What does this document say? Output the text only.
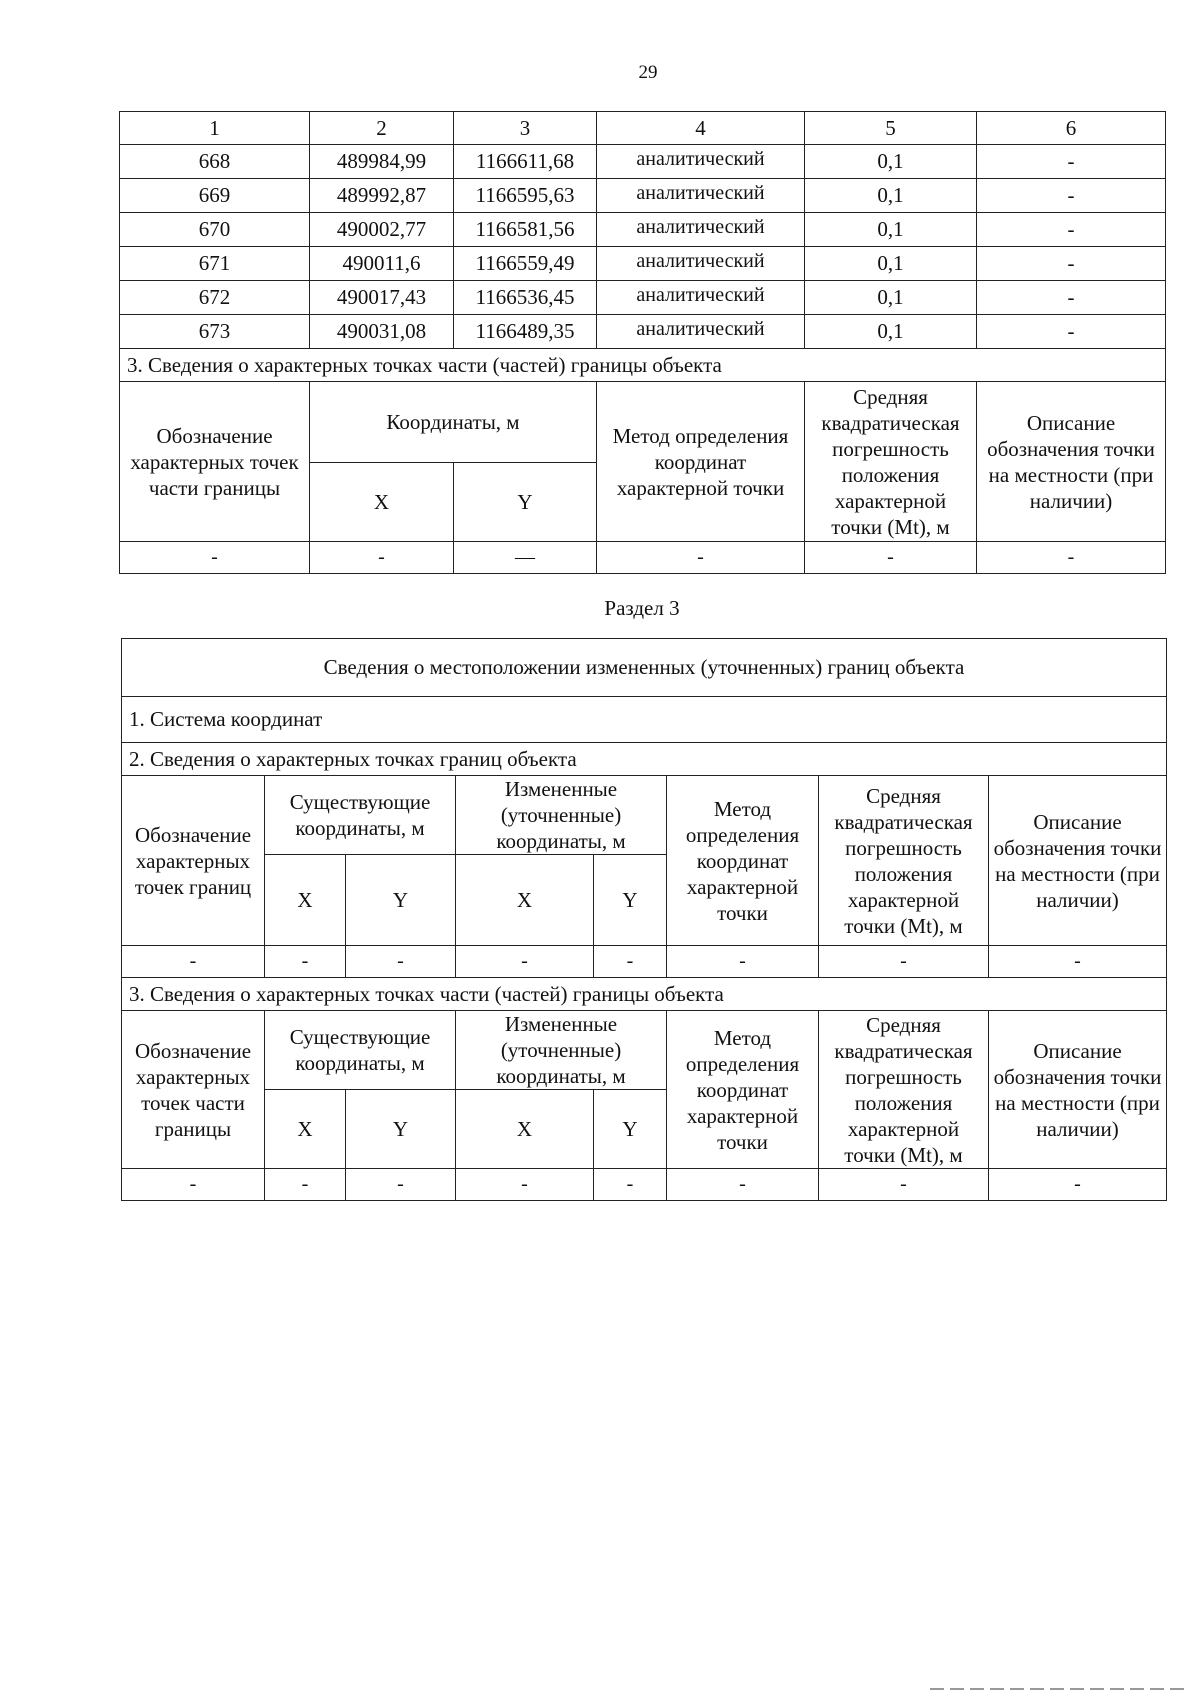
29
1	2	3	4	5	6
668	489984,99	1166611,68	аналитический	0,1	-
669	489992,87	1166595,63	аналитический	0,1	-
670	490002,77	1166581,56	аналитический	0,1	-
671	490011,6	1166559,49	аналитический	0,1	-
672	490017,43	1166536,45	аналитический	0,1	-
673	490031,08	1166489,35	аналитический	0,1	-
3. Сведения о характерных точках части (частей) границы объекта					
Обозначение характерных точек части границы	Координаты, м		Метод определения координат характерной точки	Средняя квадратическая погрешность положения характерной точки (Mt), м	Описание обозначения точки на местности (при наличии)
	X	Y			
-	-	—	-	-	-
Раздел 3
Сведения о местоположении измененных (уточненных) границ объекта							
1. Система координат							
2. Сведения о характерных точках границ объекта							
Обозначение характерных точек границ	Существующие координаты, м		Измененные (уточненные) координаты, м		Метод определения координат характерной точки	Средняя квадратическая погрешность положения характерной точки (Mt), м	Описание обозначения точки на местности (при наличии)
	X	Y	X	Y			
-	-	-	-	-	-	-	-
3. Сведения о характерных точках части (частей) границы объекта							
Обозначение характерных точек части границы	Существующие координаты, м		Измененные (уточненные) координаты, м		Метод определения координат характерной точки	Средняя квадратическая погрешность положения характерной точки (Mt), м	Описание обозначения точки на местности (при наличии)
	X	Y	X	Y			
-	-	-	-	-	-	-	-
